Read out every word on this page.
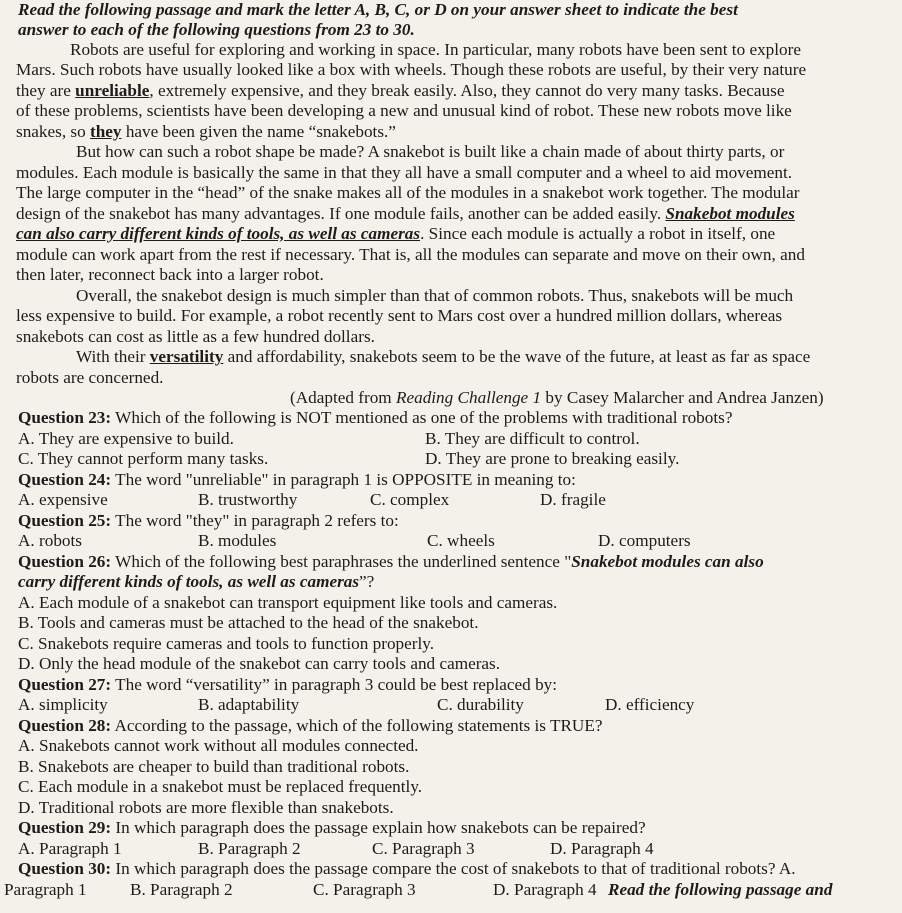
Read the following passage and mark the letter A, B, C, or D on your answer sheet to indicate the best
answer to each of the following questions from 23 to 30.
Robots are useful for exploring and working in space. In particular, many robots have been sent to explore
Mars. Such robots have usually looked like a box with wheels. Though these robots are useful, by their very nature
they are unreliable, extremely expensive, and they break easily. Also, they cannot do very many tasks. Because
of these problems, scientists have been developing a new and unusual kind of robot. These new robots move like
snakes, so they have been given the name “snakebots.”
But how can such a robot shape be made? A snakebot is built like a chain made of about thirty parts, or
modules. Each module is basically the same in that they all have a small computer and a wheel to aid movement.
The large computer in the “head” of the snake makes all of the modules in a snakebot work together. The modular
design of the snakebot has many advantages. If one module fails, another can be added easily. Snakebot modules
can also carry different kinds of tools, as well as cameras. Since each module is actually a robot in itself, one
module can work apart from the rest if necessary. That is, all the modules can separate and move on their own, and
then later, reconnect back into a larger robot.
Overall, the snakebot design is much simpler than that of common robots. Thus, snakebots will be much
less expensive to build. For example, a robot recently sent to Mars cost over a hundred million dollars, whereas
snakebots can cost as little as a few hundred dollars.
With their versatility and affordability, snakebots seem to be the wave of the future, at least as far as space
robots are concerned.
(Adapted from Reading Challenge 1 by Casey Malarcher and Andrea Janzen)
Question 23: Which of the following is NOT mentioned as one of the problems with traditional robots?
A. They are expensive to build.	B. They are difficult to control.
C. They cannot perform many tasks.	D. They are prone to breaking easily.
Question 24: The word "unreliable" in paragraph 1 is OPPOSITE in meaning to:
A. expensive	B. trustworthy	C. complex	D. fragile
Question 25: The word "they" in paragraph 2 refers to:
A. robots	B. modules	C. wheels	D. computers
Question 26: Which of the following best paraphrases the underlined sentence "Snakebot modules can also
carry different kinds of tools, as well as cameras”?
A. Each module of a snakebot can transport equipment like tools and cameras.
B. Tools and cameras must be attached to the head of the snakebot.
C. Snakebots require cameras and tools to function properly.
D. Only the head module of the snakebot can carry tools and cameras.
Question 27: The word “versatility” in paragraph 3 could be best replaced by:
A. simplicity	B. adaptability	C. durability	D. efficiency
Question 28: According to the passage, which of the following statements is TRUE?
A. Snakebots cannot work without all modules connected.
B. Snakebots are cheaper to build than traditional robots.
C. Each module in a snakebot must be replaced frequently.
D. Traditional robots are more flexible than snakebots.
Question 29: In which paragraph does the passage explain how snakebots can be repaired?
A. Paragraph 1	B. Paragraph 2	C. Paragraph 3	D. Paragraph 4
Question 30: In which paragraph does the passage compare the cost of snakebots to that of traditional robots? A.
Paragraph 1	B. Paragraph 2	C. Paragraph 3	D. Paragraph 4 Read the following passage and
